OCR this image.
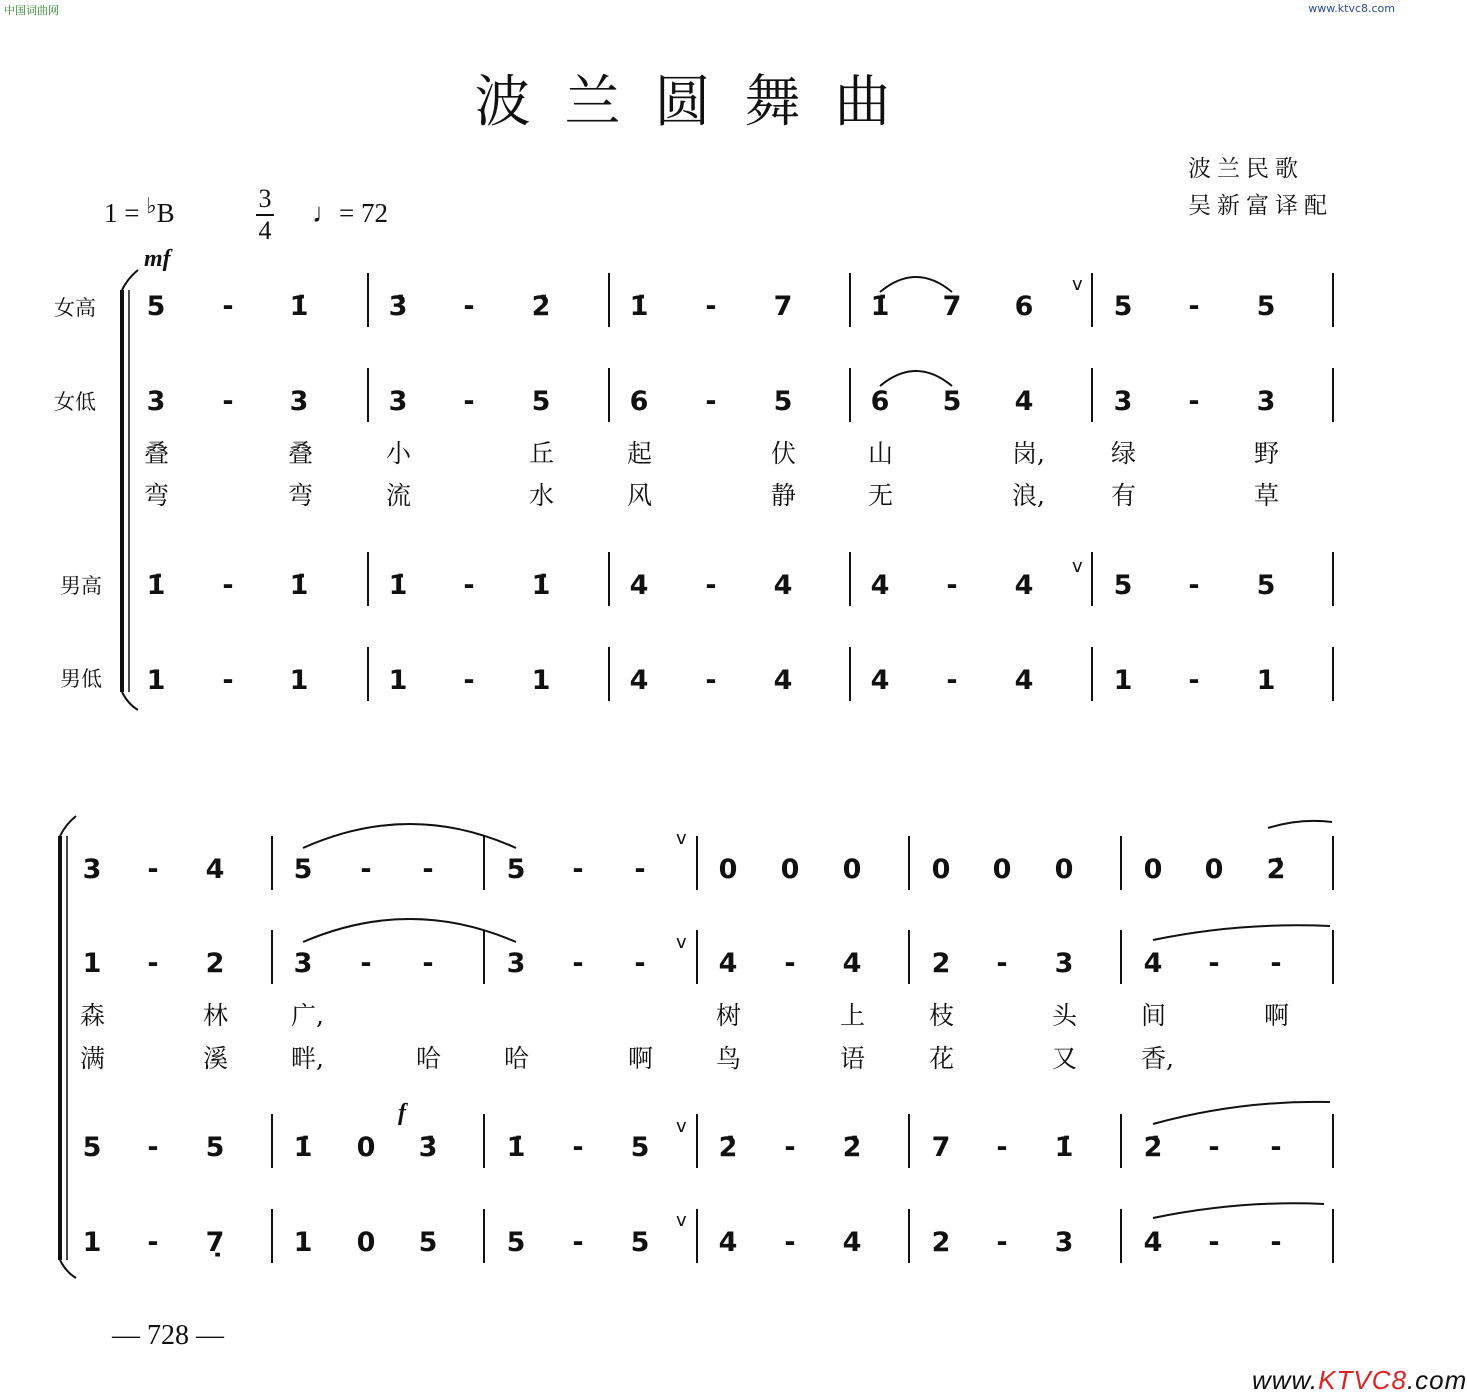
中国词曲网	www.ktvc8.com
波兰圆舞曲
波兰民歌
吴新富译配
1 = ♭B	3
4
♩= 72
女高
女低
男高
男低
mf
f
5 - 1̇	3̇ - 2̇	1̇ - 7	1̇ 7 6	5 - 5
3 - 3	3 - 5	6 - 5	6 5 4	3 - 3
1̇ - 1̇	1̇ - 1̇	4 - 4	4 - 4	5 - 5
1 - 1	1 - 1	4 - 4	4 - 4	1 - 1
叠	叠	小	丘	起	伏	山	岗,	绿	野
弯	弯	流	水	风	静	无	浪,	有	草
v
v
3 - 4	5 - -	5 - -	0 0 0	0 0 0	0 0 2̇
1 - 2	3 - -	3 - -	4 - 4	2 - 3	4 - -
5 - 5	1̇ 0 3̇	1̇ - 5	2̇ - 2̇	7 - 1̇	2̇ - -
1 - 7̣	1 0 5	5 - 5	4 - 4	2 - 3	4 - -
森	林	广,	树	上	枝	头	间	啊
满	溪	畔,	哈	哈	啊	鸟	语	花	又	香,
v
v
v
v
— 728 —
www.KTVC8.com
